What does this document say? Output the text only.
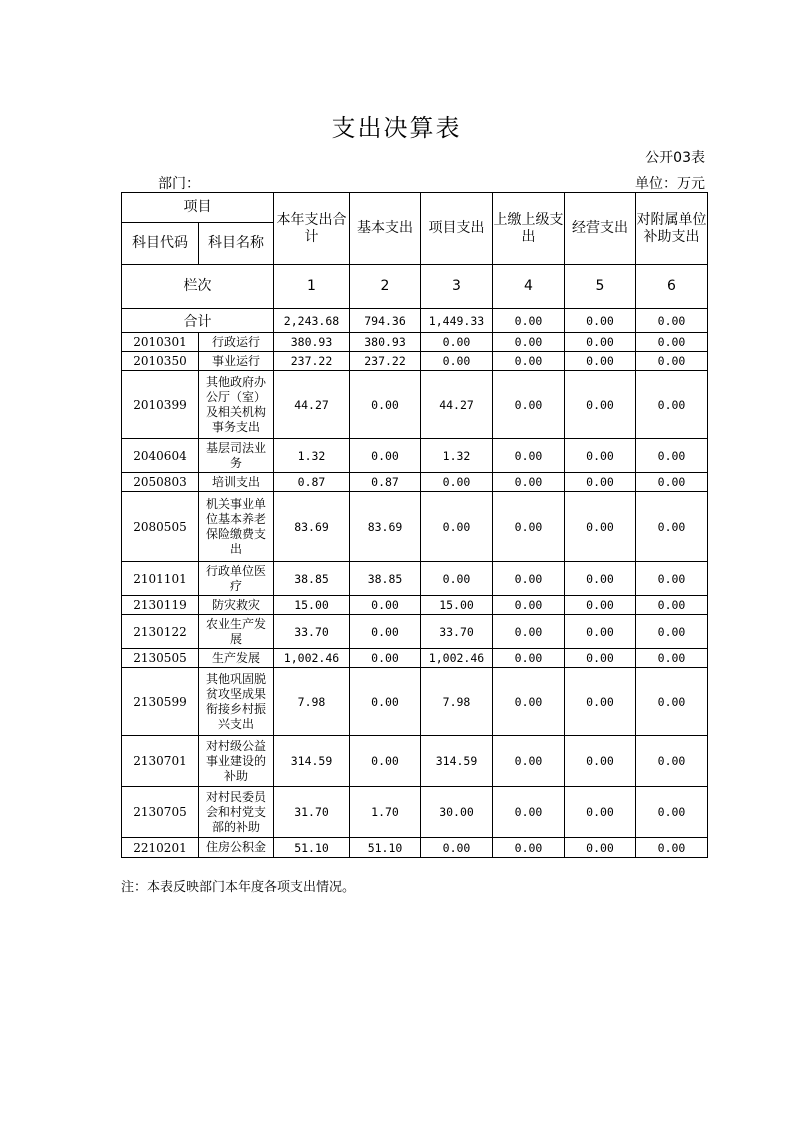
支出决算表
公开03表
部门：	单位：万元
项目		本年支出合计	基本支出	项目支出	上缴上级支出	经营支出	对附属单位补助支出
科目代码	科目名称						
栏次		1	2	3	4	5	6
合计		2,243.68	794.36	1,449.33	0.00	0.00	0.00
2010301	行政运行	380.93	380.93	0.00	0.00	0.00	0.00
2010350	事业运行	237.22	237.22	0.00	0.00	0.00	0.00
2010399	其他政府办公厅（室）及相关机构事务支出	44.27	0.00	44.27	0.00	0.00	0.00
2040604	基层司法业务	1.32	0.00	1.32	0.00	0.00	0.00
2050803	培训支出	0.87	0.87	0.00	0.00	0.00	0.00
2080505	机关事业单位基本养老保险缴费支出	83.69	83.69	0.00	0.00	0.00	0.00
2101101	行政单位医疗	38.85	38.85	0.00	0.00	0.00	0.00
2130119	防灾救灾	15.00	0.00	15.00	0.00	0.00	0.00
2130122	农业生产发展	33.70	0.00	33.70	0.00	0.00	0.00
2130505	生产发展	1,002.46	0.00	1,002.46	0.00	0.00	0.00
2130599	其他巩固脱贫攻坚成果衔接乡村振兴支出	7.98	0.00	7.98	0.00	0.00	0.00
2130701	对村级公益事业建设的补助	314.59	0.00	314.59	0.00	0.00	0.00
2130705	对村民委员会和村党支部的补助	31.70	1.70	30.00	0.00	0.00	0.00
2210201	住房公积金	51.10	51.10	0.00	0.00	0.00	0.00
注：本表反映部门本年度各项支出情况。
